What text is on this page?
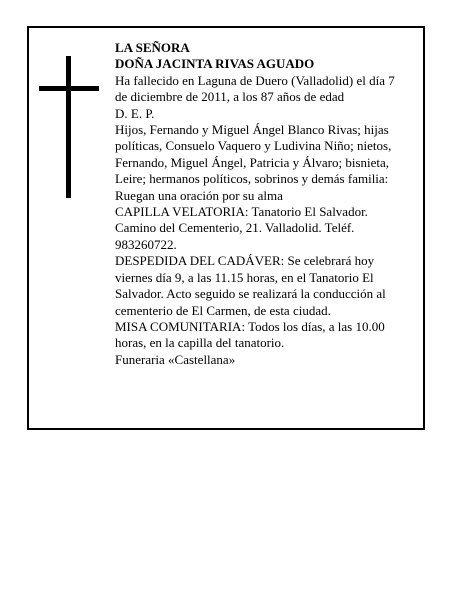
LA SEÑORA

DOÑA JACINTA RIVAS AGUADO

Ha fallecido en Laguna de Duero (Valladolid) el día 7 de diciembre de 2011, a los 87 años de edad

D. E. P.

Hijos, Fernando y Miguel Ángel Blanco Rivas; hijas políticas, Consuelo Vaquero y Ludivina Niño; nietos, Fernando, Miguel Ángel, Patricia y Álvaro; bisnieta, Leire; hermanos políticos, sobrinos y demás familia:

Ruegan una oración por su alma

CAPILLA VELATORIA: Tanatorio El Salvador. Camino del Cementerio, 21. Valladolid. Teléf. 983260722.

DESPEDIDA DEL CADÁVER: Se celebrará hoy viernes día 9, a las 11.15 horas, en el Tanatorio El Salvador. Acto seguido se realizará la conducción al cementerio de El Carmen, de esta ciudad.

MISA COMUNITARIA: Todos los días, a las 10.00 horas, en la capilla del tanatorio.

Funeraria «Castellana»
